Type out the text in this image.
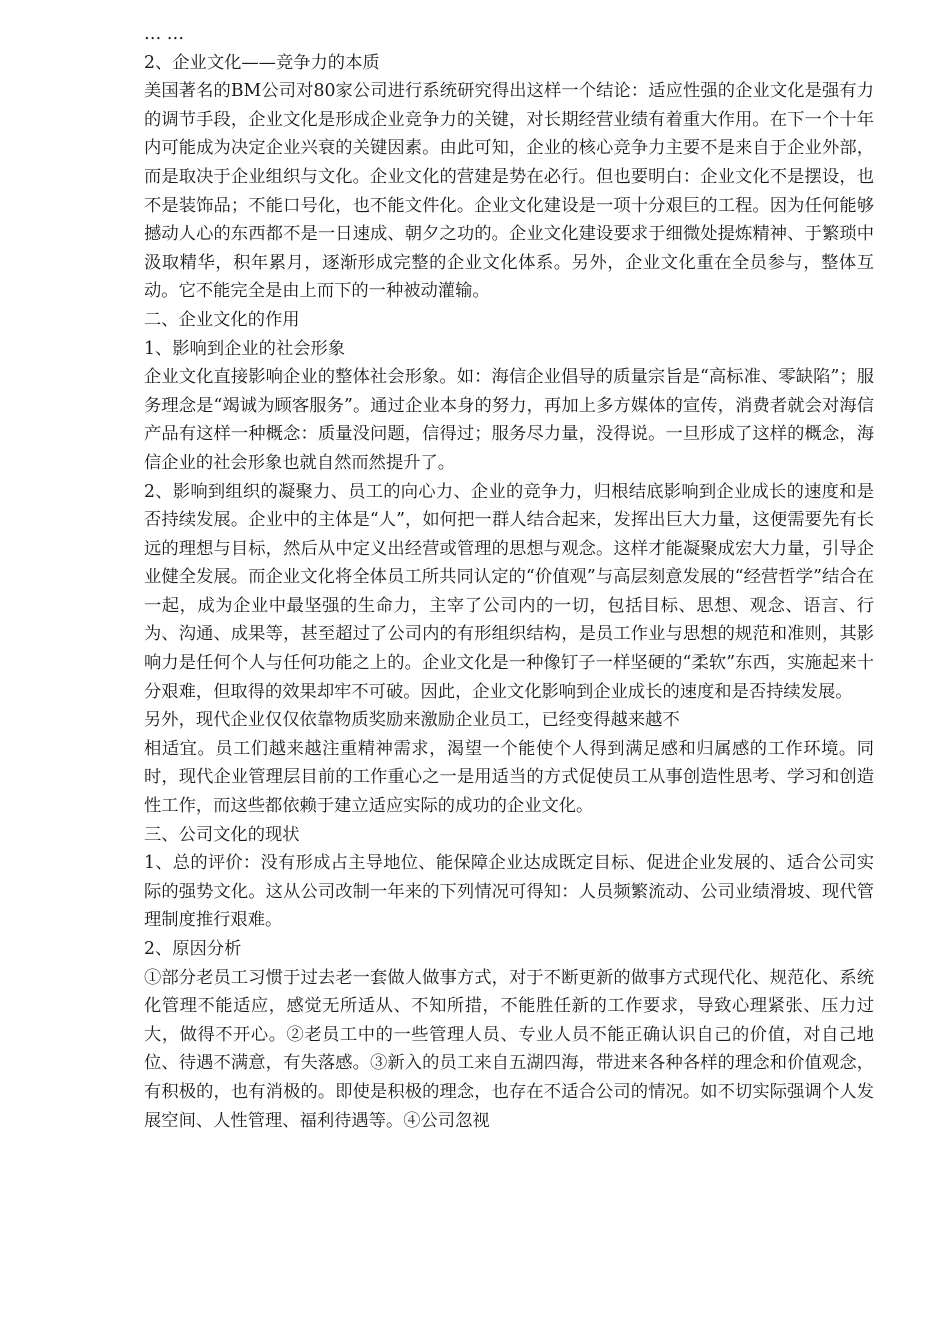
… …

2、企业文化——竞争力的本质

美国著名的BM公司对80家公司进行系统研究得出这样一个结论：适应性强的企业文化是强有力的调节手段，企业文化是形成企业竞争力的关键，对长期经营业绩有着重大作用。在下一个十年内可能成为决定企业兴衰的关键因素。由此可知，企业的核心竞争力主要不是来自于企业外部，而是取决于企业组织与文化。企业文化的营建是势在必行。但也要明白：企业文化不是摆设，也不是装饰品；不能口号化，也不能文件化。企业文化建设是一项十分艰巨的工程。因为任何能够撼动人心的东西都不是一日速成、朝夕之功的。企业文化建设要求于细微处提炼精神、于繁琐中汲取精华，积年累月，逐渐形成完整的企业文化体系。另外，企业文化重在全员参与，整体互动。它不能完全是由上而下的一种被动灌输。

二、企业文化的作用

1、影响到企业的社会形象

企业文化直接影响企业的整体社会形象。如：海信企业倡导的质量宗旨是“高标准、零缺陷”；服务理念是“竭诚为顾客服务”。通过企业本身的努力，再加上多方媒体的宣传，消费者就会对海信产品有这样一种概念：质量没问题，信得过；服务尽力量，没得说。一旦形成了这样的概念，海信企业的社会形象也就自然而然提升了。

2、影响到组织的凝聚力、员工的向心力、企业的竞争力，归根结底影响到企业成长的速度和是否持续发展。企业中的主体是“人”，如何把一群人结合起来，发挥出巨大力量，这便需要先有长远的理想与目标，然后从中定义出经营或管理的思想与观念。这样才能凝聚成宏大力量，引导企业健全发展。而企业文化将全体员工所共同认定的“价值观”与高层刻意发展的“经营哲学”结合在一起，成为企业中最坚强的生命力，主宰了公司内的一切，包括目标、思想、观念、语言、行为、沟通、成果等，甚至超过了公司内的有形组织结构，是员工作业与思想的规范和准则，其影响力是任何个人与任何功能之上的。企业文化是一种像钉子一样坚硬的“柔软”东西，实施起来十分艰难，但取得的效果却牢不可破。因此，企业文化影响到企业成长的速度和是否持续发展。

另外，现代企业仅仅依靠物质奖励来激励企业员工，已经变得越来越不

相适宜。员工们越来越注重精神需求，渴望一个能使个人得到满足感和归属感的工作环境。同时，现代企业管理层目前的工作重心之一是用适当的方式促使员工从事创造性思考、学习和创造性工作，而这些都依赖于建立适应实际的成功的企业文化。

三、公司文化的现状

1、总的评价：没有形成占主导地位、能保障企业达成既定目标、促进企业发展的、适合公司实际的强势文化。这从公司改制一年来的下列情况可得知：人员频繁流动、公司业绩滑坡、现代管理制度推行艰难。

2、原因分析

①部分老员工习惯于过去老一套做人做事方式，对于不断更新的做事方式现代化、规范化、系统化管理不能适应，感觉无所适从、不知所措，不能胜任新的工作要求，导致心理紧张、压力过大，做得不开心。②老员工中的一些管理人员、专业人员不能正确认识自己的价值，对自己地位、待遇不满意，有失落感。③新入的员工来自五湖四海，带进来各种各样的理念和价值观念，有积极的，也有消极的。即使是积极的理念，也存在不适合公司的情况。如不切实际强调个人发展空间、人性管理、福利待遇等。④公司忽视
